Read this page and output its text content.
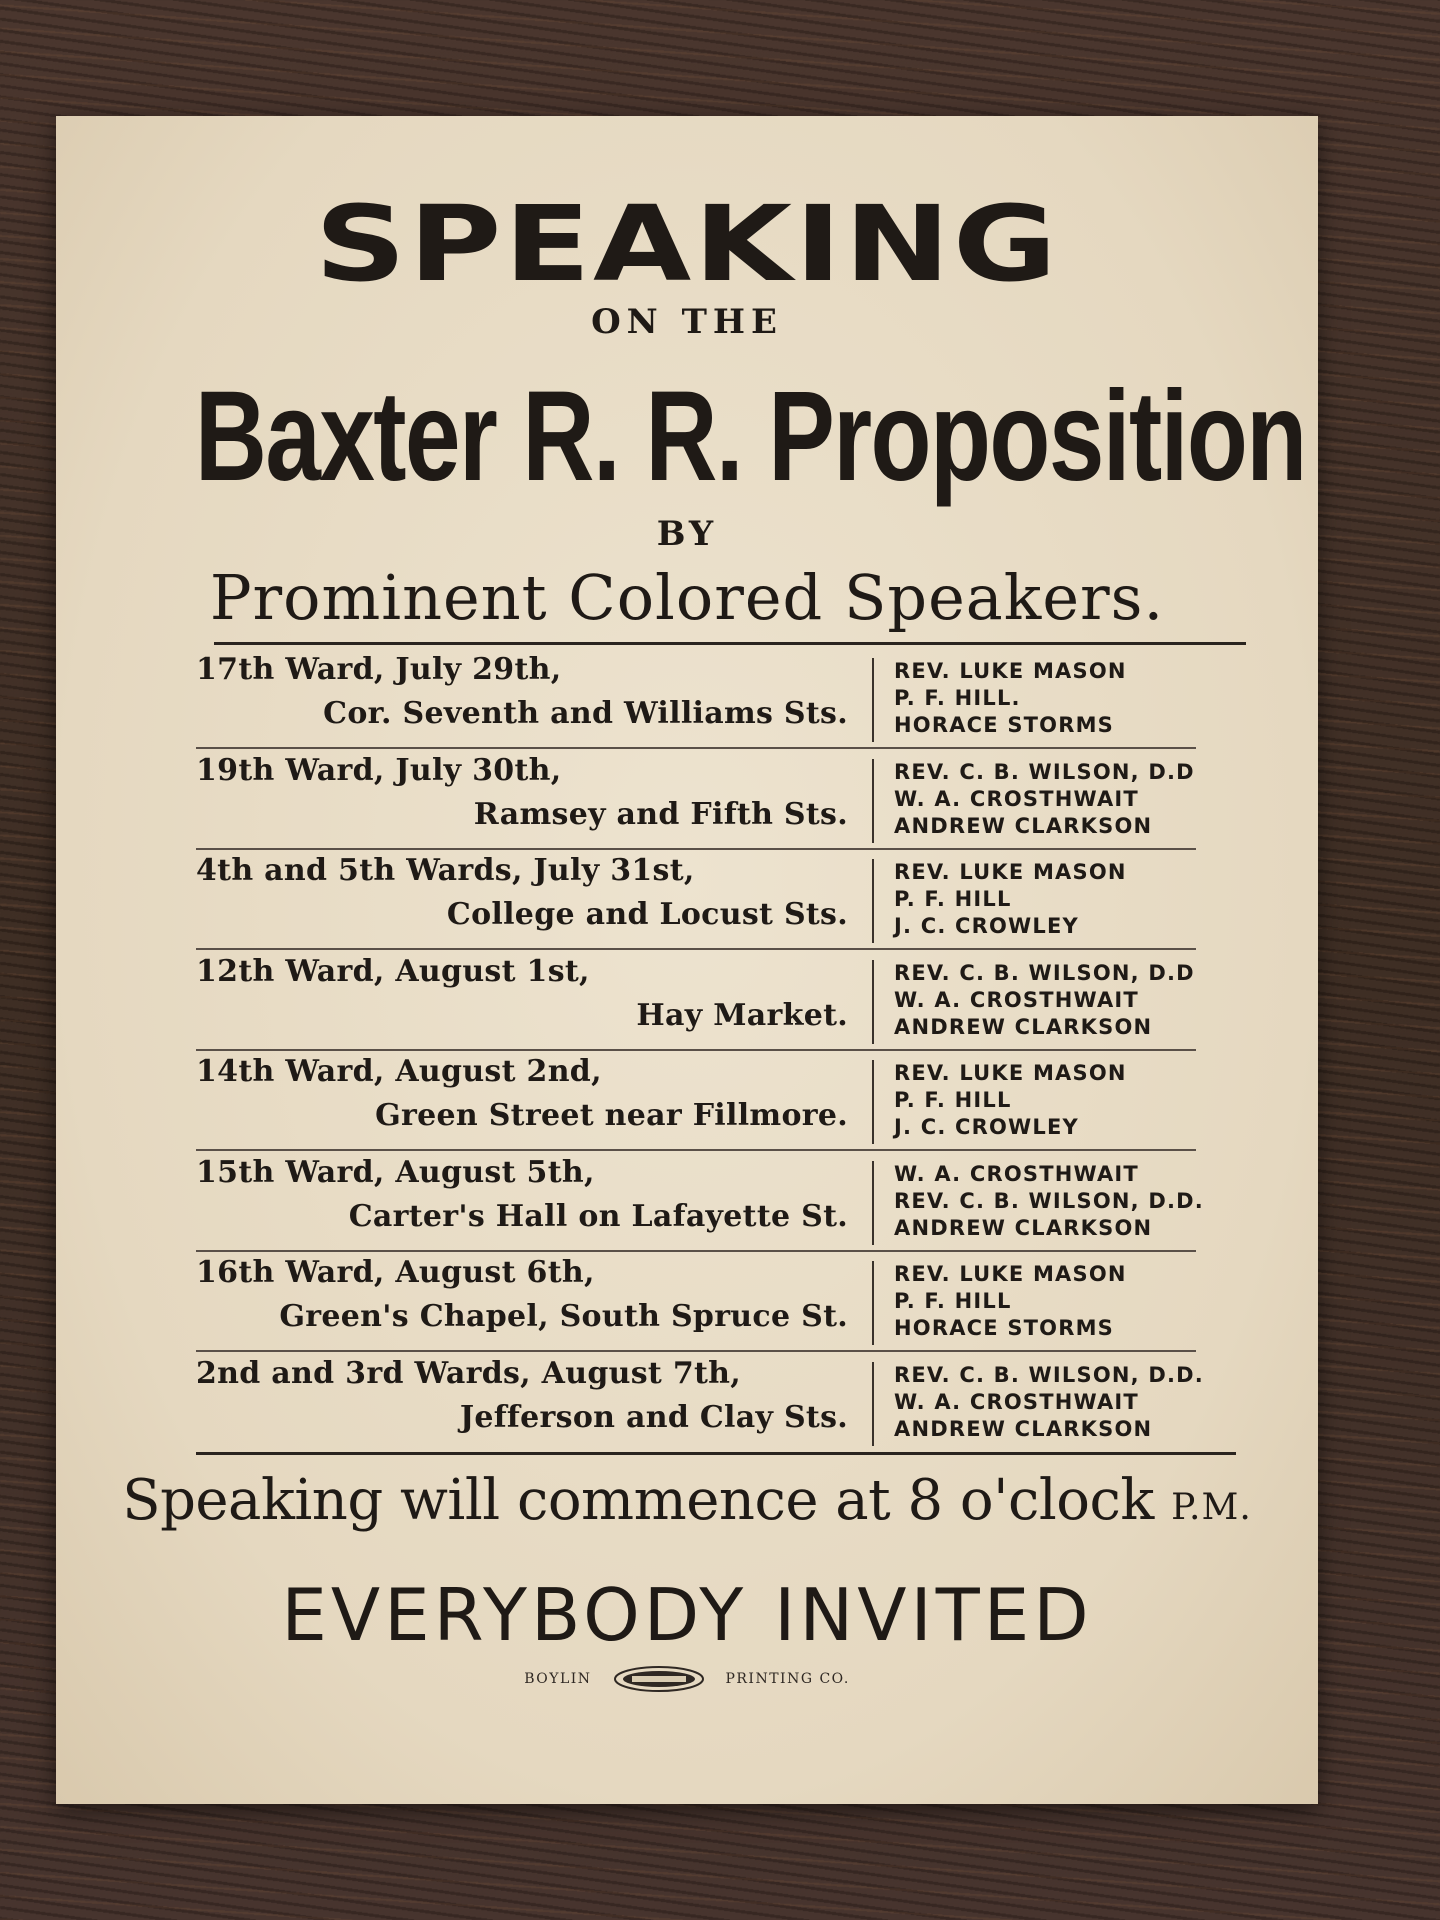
SPEAKING
ON THE
Baxter R. R. Proposition
BY
Prominent Colored Speakers.
17th Ward, July 29th,
Cor. Seventh and Williams Sts.
REV. LUKE MASON
P. F. HILL.
HORACE STORMS
19th Ward, July 30th,
Ramsey and Fifth Sts.
REV. C. B. WILSON, D.D
W. A. CROSTHWAIT
ANDREW CLARKSON
4th and 5th Wards, July 31st,
College and Locust Sts.
REV. LUKE MASON
P. F. HILL
J. C. CROWLEY
12th Ward, August 1st,
Hay Market.
REV. C. B. WILSON, D.D
W. A. CROSTHWAIT
ANDREW CLARKSON
14th Ward, August 2nd,
Green Street near Fillmore.
REV. LUKE MASON
P. F. HILL
J. C. CROWLEY
15th Ward, August 5th,
Carter's Hall on Lafayette St.
W. A. CROSTHWAIT
REV. C. B. WILSON, D.D.
ANDREW CLARKSON
16th Ward, August 6th,
Green's Chapel, South Spruce St.
REV. LUKE MASON
P. F. HILL
HORACE STORMS
2nd and 3rd Wards, August 7th,
Jefferson and Clay Sts.
REV. C. B. WILSON, D.D.
W. A. CROSTHWAIT
ANDREW CLARKSON
Speaking will commence at 8 o'clock P.M.
EVERYBODY INVITED
BOYLIN	PRINTING CO.
